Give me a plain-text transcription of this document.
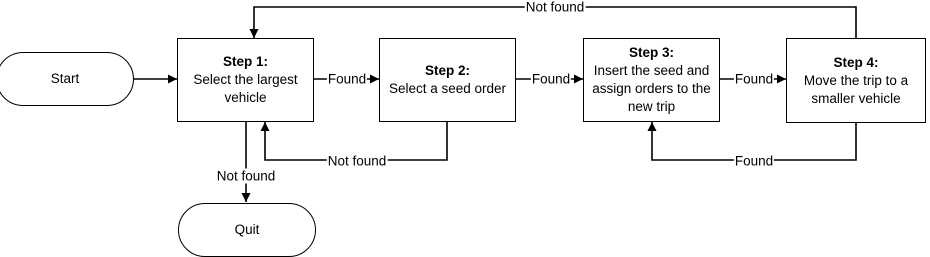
Start
Quit
Step 1:
Select the largest
vehicle
Step 2:
Select a seed order
Step 3:
Insert the seed and
assign orders to the
new trip
Step 4:
Move the trip to a
smaller vehicle
Found	Found	Found
Not found
Not found	Found
Not found
